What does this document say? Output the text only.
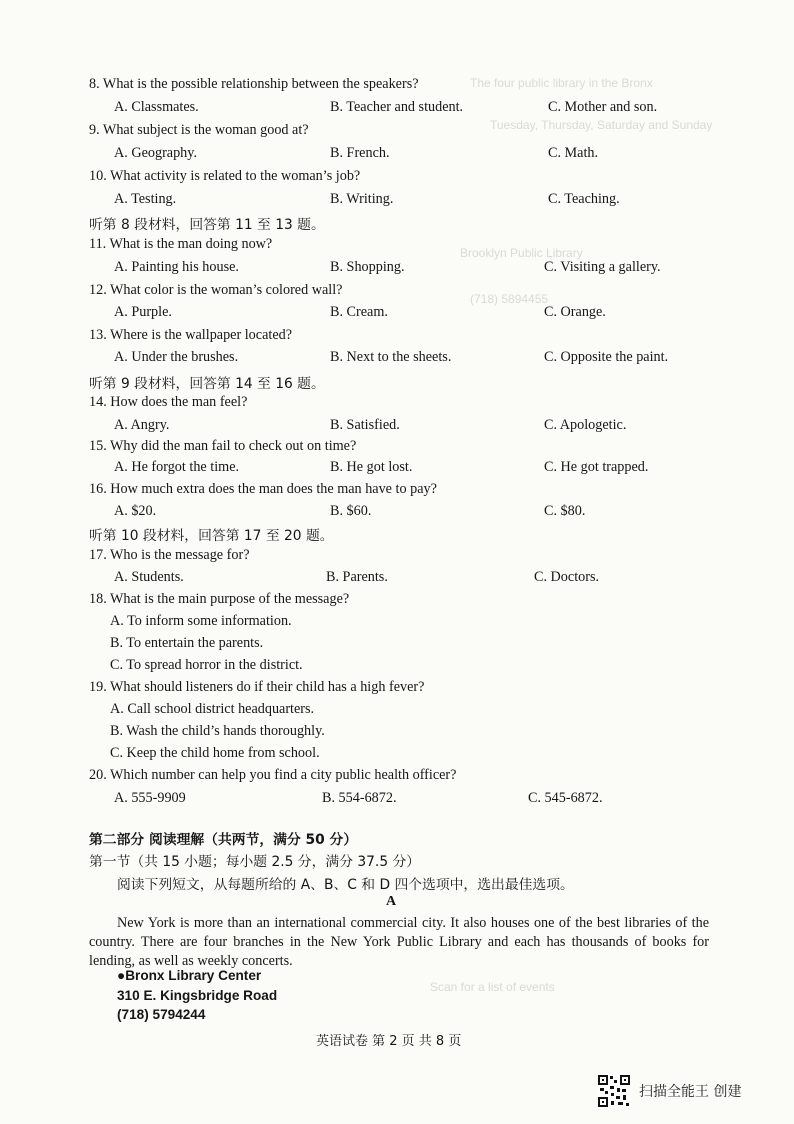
The four public library in the Bronx
Tuesday, Thursday, Saturday and Sunday
Brooklyn Public Library
(718) 5894455
Scan for a list of events
8. What is the possible relationship between the speakers?
A. Classmates.	B. Teacher and student.	C. Mother and son.
9. What subject is the woman good at?
A. Geography.	B. French.	C. Math.
10. What activity is related to the woman’s job?
A. Testing.	B. Writing.	C. Teaching.
听第 8 段材料，回答第 11 至 13 题。
11. What is the man doing now?
A. Painting his house.	B. Shopping.	C. Visiting a gallery.
12. What color is the woman’s colored wall?
A. Purple.	B. Cream.	C. Orange.
13. Where is the wallpaper located?
A. Under the brushes.	B. Next to the sheets.	C. Opposite the paint.
听第 9 段材料，回答第 14 至 16 题。
14. How does the man feel?
A. Angry.	B. Satisfied.	C. Apologetic.
15. Why did the man fail to check out on time?
A. He forgot the time.	B. He got lost.	C. He got trapped.
16. How much extra does the man does the man have to pay?
A. $20.	B. $60.	C. $80.
听第 10 段材料，回答第 17 至 20 题。
17. Who is the message for?
A. Students.	B. Parents.	C. Doctors.
18. What is the main purpose of the message?
A. To inform some information.
B. To entertain the parents.
C. To spread horror in the district.
19. What should listeners do if their child has a high fever?
A. Call school district headquarters.
B. Wash the child’s hands thoroughly.
C. Keep the child home from school.
20. Which number can help you find a city public health officer?
A. 555-9909	B. 554-6872.	C. 545-6872.
第二部分 阅读理解（共两节，满分 50 分）
第一节（共 15 小题；每小题 2.5 分，满分 37.5 分）
阅读下列短文，从每题所给的 A、B、C 和 D 四个选项中，选出最佳选项。
A
New York is more than an international commercial city. It also houses one of the best libraries of the country. There are four branches in the New York Public Library and each has thousands of books for lending, as well as weekly concerts.
●Bronx Library Center
310 E. Kingsbridge Road
(718) 5794244
英语试卷 第 2 页 共 8 页
扫描全能王 创建
